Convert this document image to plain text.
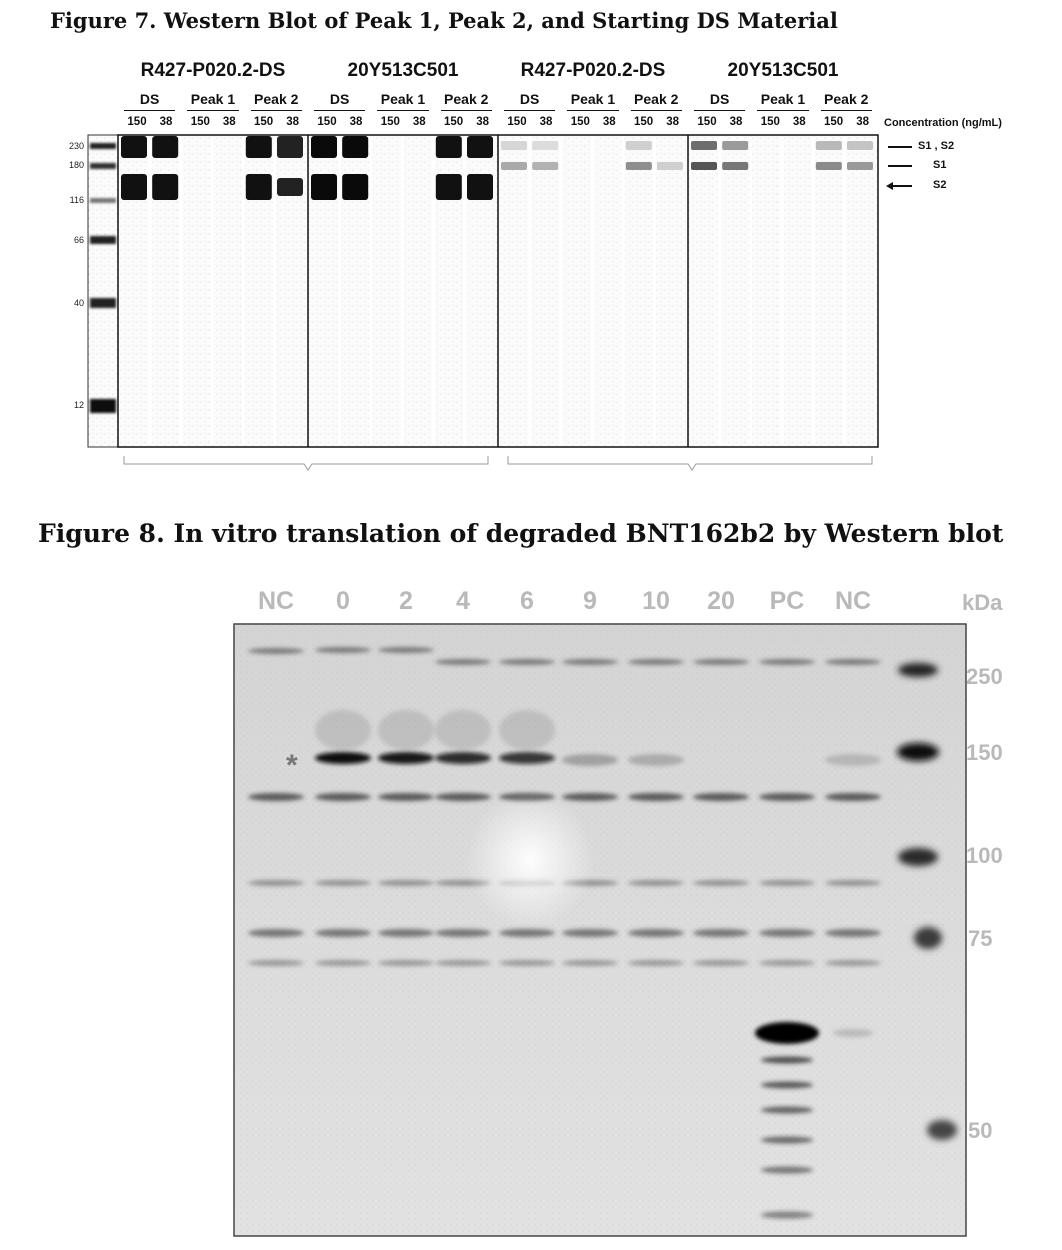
Figure 7. Western Blot of Peak 1, Peak 2, and Starting DS Material
R427-P020.2-DS	20Y513C501	R427-P020.2-DS	20Y513C501
DS	Peak 1	Peak 2	DS	Peak 1	Peak 2	DS	Peak 1	Peak 2	DS	Peak 1	Peak 2
150	38	150	38	150	38	150	38	150	38	150	38	150	38	150	38	150	38	150	38	150	38	150	38	Concentration (ng/mL)
230
180
116
66
40
12
S1 , S2
S1
S2
Figure 8. In vitro translation of degraded BNT162b2 by Western blot
NC	0	2	4	6	9	10	20	PC	NC	kDa
*
250
150
100
75
50
